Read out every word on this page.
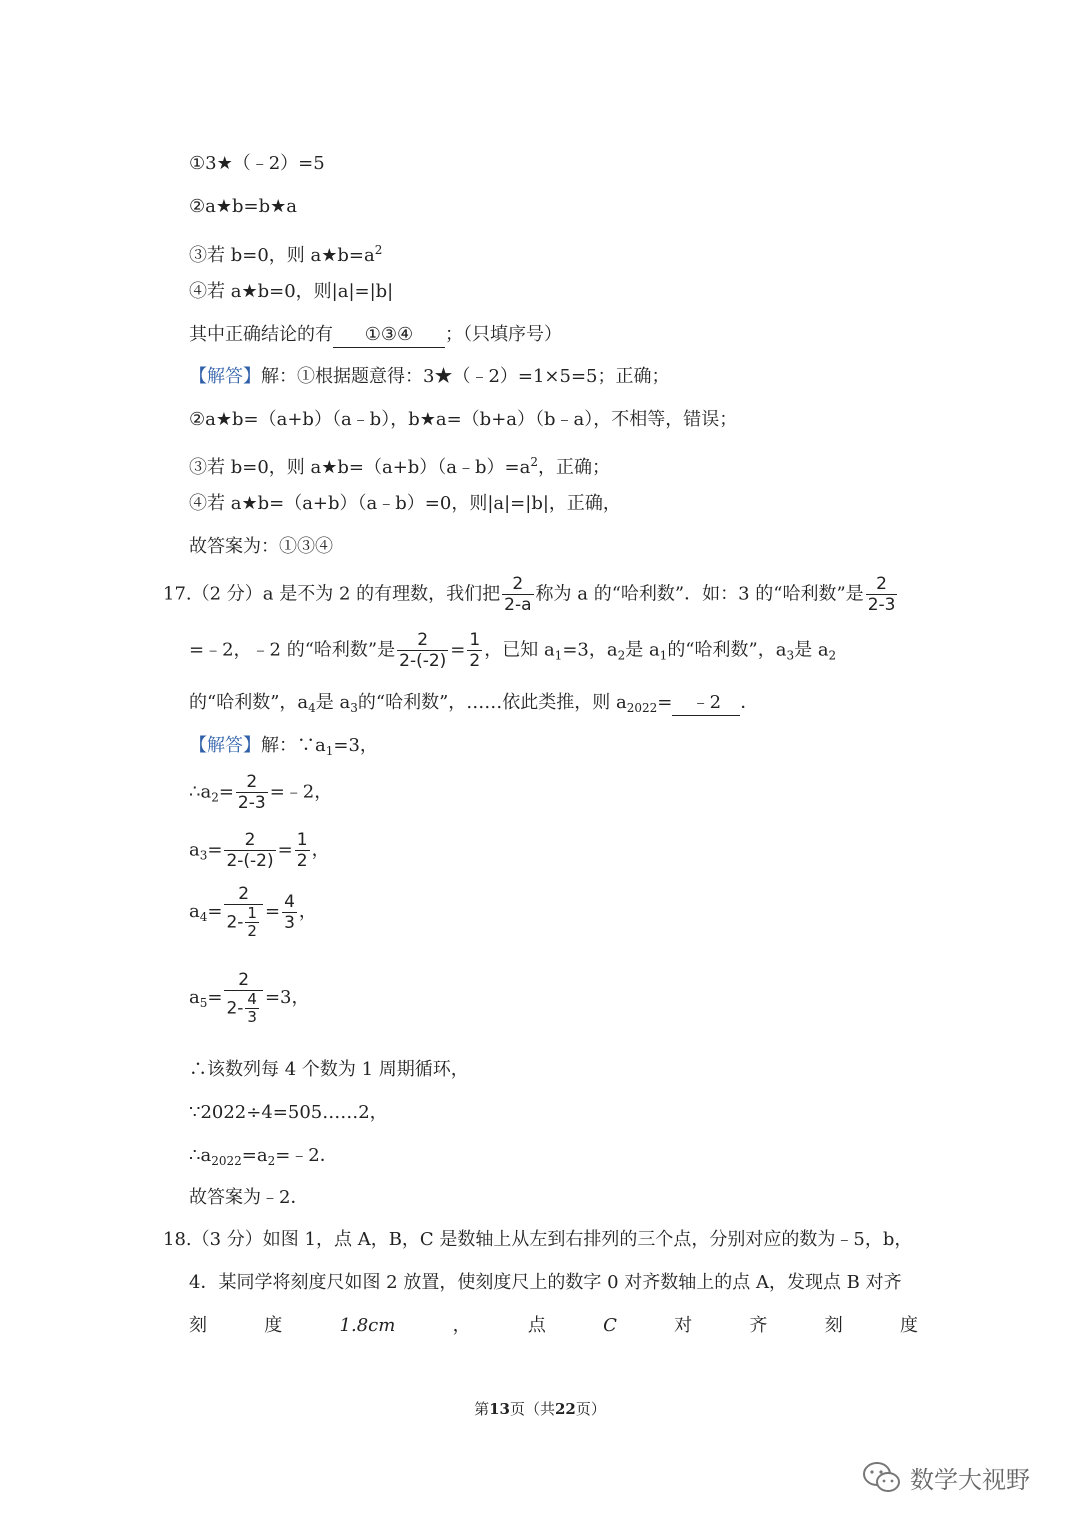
①3★（﹣2）=5
②a★b=b★a
③若 b=0，则 $a★b=a^2$
④若 a★b=0，则|a|=|b|
其中正确结论的有 ①③④ ；（只填序号）
【解答】解：①根据题意得：3★（﹣2）=1×5=5；正确；
②a★b=（a+b）（a﹣b），b★a=（b+a）（b﹣a），不相等，错误；
③若 b=0，则 $a★b=(a+b)(a﹣b)=a^2$，正确；
④若 a★b=（a+b）（a﹣b）=0，则|a|=|b|，正确，
故答案为：①③④
17.（2 分）a 是不为 2 的有理数，我们把 $\frac{2}{2-a}$ 称为 a 的“哈利数”．如：3 的“哈利数”是 $\frac{2}{2-3}$
=﹣2，﹣2 的“哈利数”是 $\frac{2}{2-(-2)} = \frac{1}{2}$ ，已知 $a_1=3$，$a_2$是 $a_1$的“哈利数”，$a_3$是 $a_2$
的“哈利数”，$a_4$是 $a_3$的“哈利数”，……依此类推，则 $a_{2022}=$ ﹣2 ．
【解答】解：$\because a_1=3$，
$\therefore a_2= \frac{2}{2-3}$ =﹣2，
$a_3= \frac{2}{2-(-2)} = \frac{1}{2}$ ，
$a_4= \frac{2}{2- \frac{1}{2}} = \frac{4}{3}$ ，
$a_5= \frac{2}{2- \frac{4}{3}} =3$，
∴该数列每 4 个数为 1 周期循环，
∵2022÷4=505……2，
$\therefore a_{2022}=a_2=﹣2$．
故答案为﹣2．
18.（3 分）如图 1，点 A，B，C 是数轴上从左到右排列的三个点，分别对应的数为﹣5，b，
4．某同学将刻度尺如图 2 放置，使刻度尺上的数字 0 对齐数轴上的点 A，发现点 B 对齐
刻	度	1.8cm	，	点	C	对	齐	刻	度
第13页（共22页）
数学大视野
